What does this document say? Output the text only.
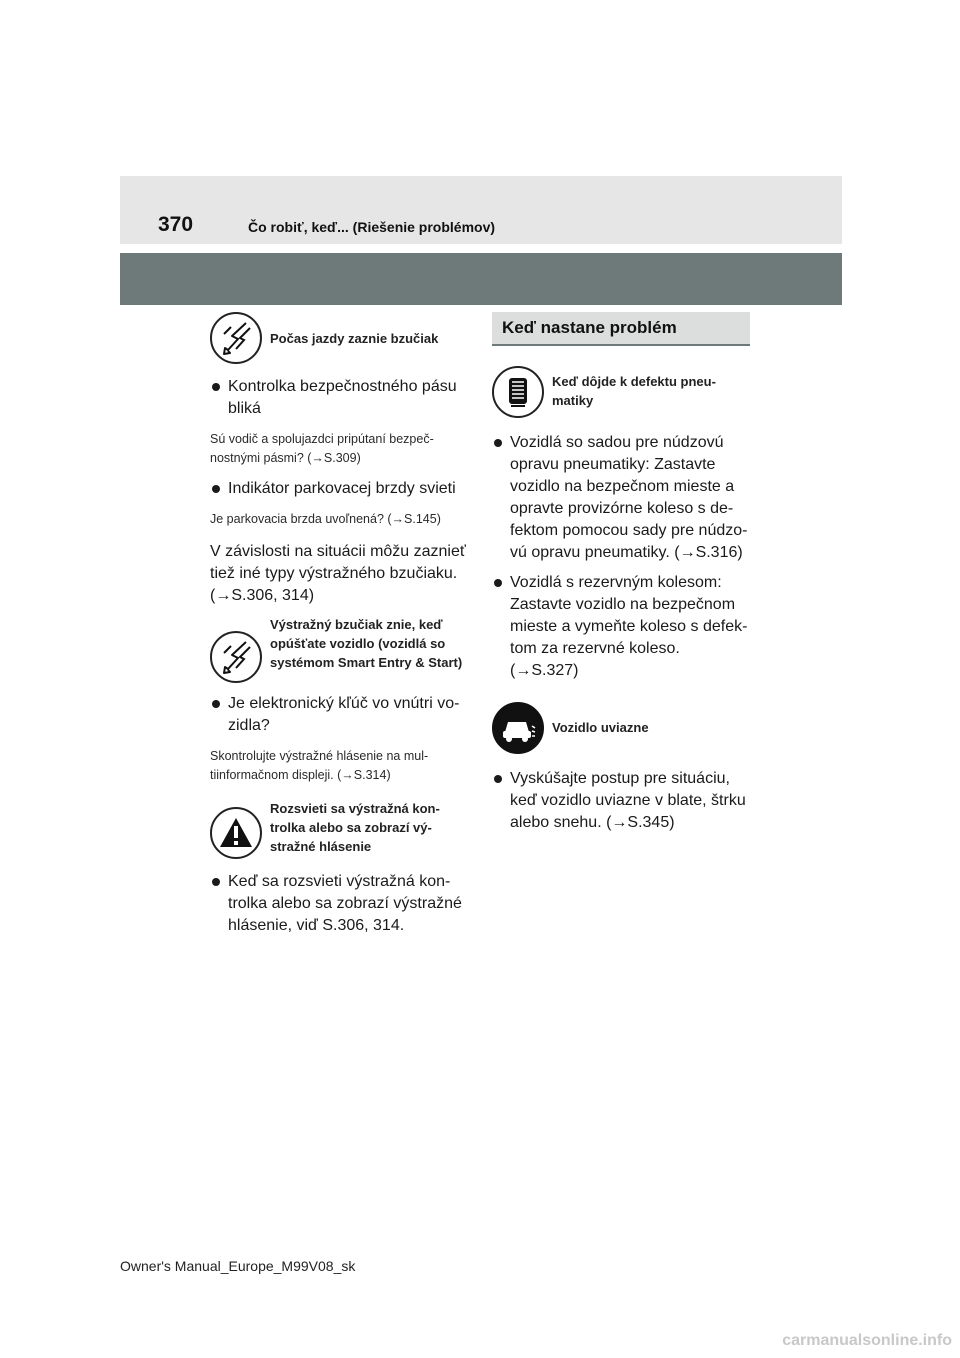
370	Čo robiť, keď... (Riešenie problémov)
Počas jazdy zaznie bzučiak
Kontrolka bezpečnostného pásu bliká
Sú vodič a spolujazdci pripútaní bezpeč-nostnými pásmi? (→S.309)
Indikátor parkovacej brzdy svieti
Je parkovacia brzda uvoľnená? (→S.145)
V závislosti na situácii môžu zaznieť tiež iné typy výstražného bzučiaku. (→S.306, 314)
Výstražný bzučiak znie, keď opúšťate vozidlo (vozidlá so systémom Smart Entry & Start)
Je elektronický kľúč vo vnútri vo-zidla?
Skontrolujte výstražné hlásenie na mul-tiinformačnom displeji. (→S.314)
Rozsvieti sa výstražná kon-trolka alebo sa zobrazí vý-stražné hlásenie
Keď sa rozsvieti výstražná kon-trolka alebo sa zobrazí výstražné hlásenie, viď S.306, 314.
Keď nastane problém
Keď dôjde k defektu pneu-matiky
Vozidlá so sadou pre núdzovú opravu pneumatiky: Zastavte vozidlo na bezpečnom mieste a opravte provizórne koleso s de-fektom pomocou sady pre núdzo-vú opravu pneumatiky. (→S.316)
Vozidlá s rezervným kolesom: Zastavte vozidlo na bezpečnom mieste a vymeňte koleso s defek-tom za rezervné koleso. (→S.327)
Vozidlo uviazne
Vyskúšajte postup pre situáciu, keď vozidlo uviazne v blate, štrku alebo snehu. (→S.345)
Owner's Manual_Europe_M99V08_sk
carmanualsonline.info
